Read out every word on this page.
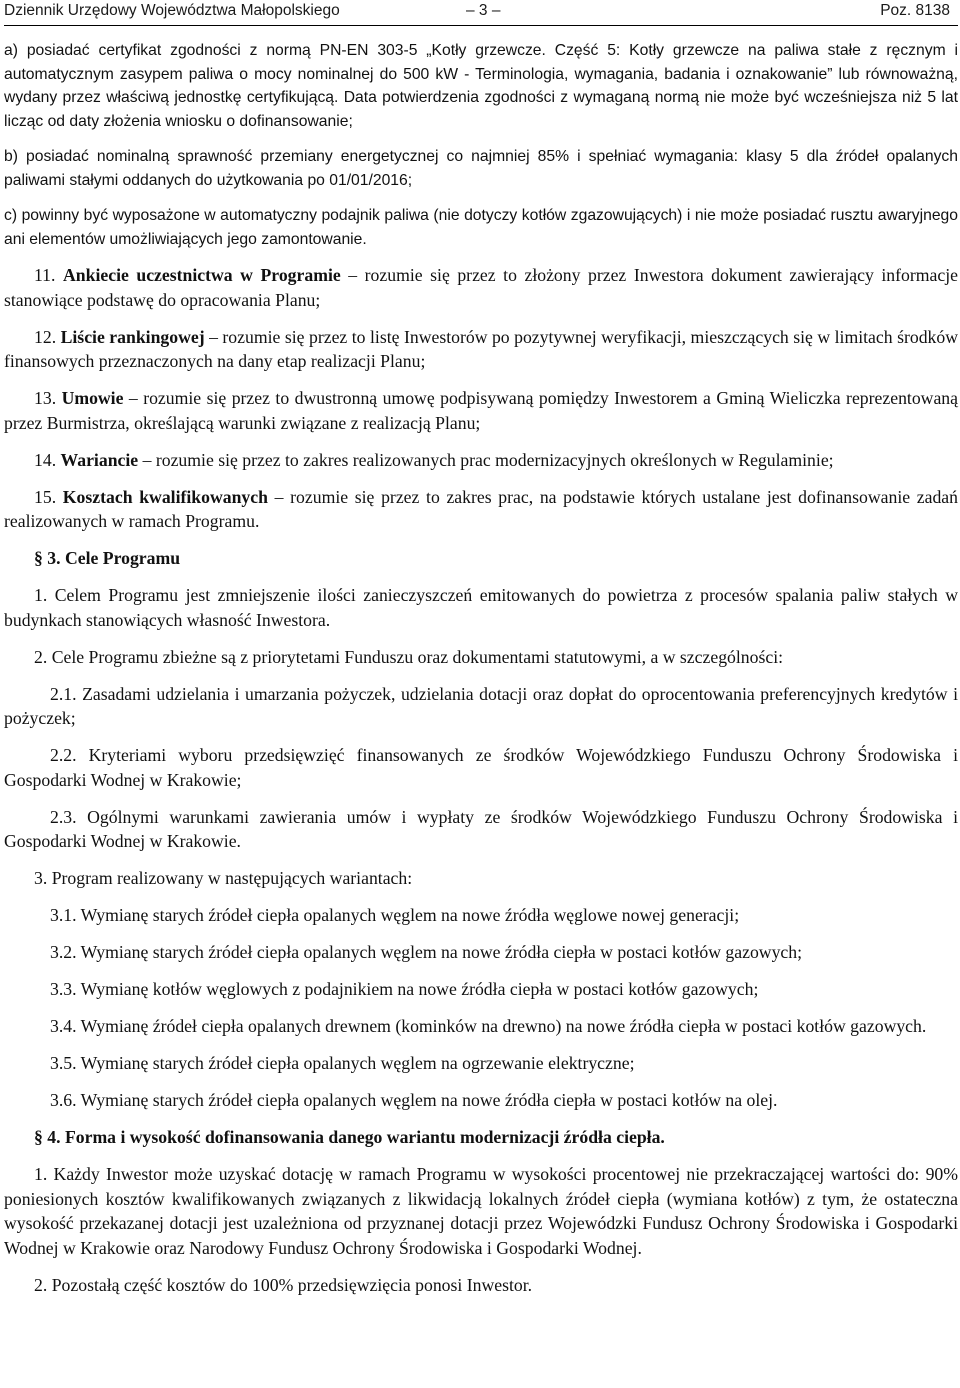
Dziennik Urzędowy Województwa Małopolskiego	– 3 –	Poz. 8138

a) posiadać certyfikat zgodności z normą PN-EN 303-5 „Kotły grzewcze. Część 5: Kotły grzewcze na paliwa stałe z ręcznym i automatycznym zasypem paliwa o mocy nominalnej do 500 kW - Terminologia, wymagania, badania i oznakowanie” lub równoważną, wydany przez właściwą jednostkę certyfikującą. Data potwierdzenia zgodności z wymaganą normą nie może być wcześniejsza niż 5 lat licząc od daty złożenia wniosku o dofinansowanie;

b) posiadać nominalną sprawność przemiany energetycznej co najmniej 85% i spełniać wymagania: klasy 5 dla źródeł opalanych paliwami stałymi oddanych do użytkowania po 01/01/2016;

c) powinny być wyposażone w automatyczny podajnik paliwa (nie dotyczy kotłów zgazowujących) i nie może posiadać rusztu awaryjnego ani elementów umożliwiających jego zamontowanie.

11. Ankiecie uczestnictwa w Programie – rozumie się przez to złożony przez Inwestora dokument zawierający informacje stanowiące podstawę do opracowania Planu;

12. Liście rankingowej – rozumie się przez to listę Inwestorów po pozytywnej weryfikacji, mieszczących się w limitach środków finansowych przeznaczonych na dany etap realizacji Planu;

13. Umowie – rozumie się przez to dwustronną umowę podpisywaną pomiędzy Inwestorem a Gminą Wieliczka reprezentowaną przez Burmistrza, określającą warunki związane z realizacją Planu;

14. Wariancie – rozumie się przez to zakres realizowanych prac modernizacyjnych określonych w Regulaminie;

15. Kosztach kwalifikowanych – rozumie się przez to zakres prac, na podstawie których ustalane jest dofinansowanie zadań realizowanych w ramach Programu.

§ 3. Cele Programu

1. Celem Programu jest zmniejszenie ilości zanieczyszczeń emitowanych do powietrza z procesów spalania paliw stałych w budynkach stanowiących własność Inwestora.

2. Cele Programu zbieżne są z priorytetami Funduszu oraz dokumentami statutowymi, a w szczególności:

2.1. Zasadami udzielania i umarzania pożyczek, udzielania dotacji oraz dopłat do oprocentowania preferencyjnych kredytów i pożyczek;

2.2. Kryteriami wyboru przedsięwzięć finansowanych ze środków Wojewódzkiego Funduszu Ochrony Środowiska i Gospodarki Wodnej w Krakowie;

2.3. Ogólnymi warunkami zawierania umów i wypłaty ze środków Wojewódzkiego Funduszu Ochrony Środowiska i Gospodarki Wodnej w Krakowie.

3. Program realizowany w następujących wariantach:

3.1. Wymianę starych źródeł ciepła opalanych węglem na nowe źródła węglowe nowej generacji;

3.2. Wymianę starych źródeł ciepła opalanych węglem na nowe źródła ciepła w postaci kotłów gazowych;

3.3. Wymianę kotłów węglowych z podajnikiem na nowe źródła ciepła w postaci kotłów gazowych;

3.4. Wymianę źródeł ciepła opalanych drewnem (kominków na drewno) na nowe źródła ciepła w postaci kotłów gazowych.

3.5. Wymianę starych źródeł ciepła opalanych węglem na ogrzewanie elektryczne;

3.6. Wymianę starych źródeł ciepła opalanych węglem na nowe źródła ciepła w postaci kotłów na olej.

§ 4. Forma i wysokość dofinansowania danego wariantu modernizacji źródła ciepła.

1. Każdy Inwestor może uzyskać dotację w ramach Programu w wysokości procentowej nie przekraczającej wartości do: 90% poniesionych kosztów kwalifikowanych związanych z likwidacją lokalnych źródeł ciepła (wymiana kotłów) z tym, że ostateczna wysokość przekazanej dotacji jest uzależniona od przyznanej dotacji przez Wojewódzki Fundusz Ochrony Środowiska i Gospodarki Wodnej w Krakowie oraz Narodowy Fundusz Ochrony Środowiska i Gospodarki Wodnej.

2. Pozostałą część kosztów do 100% przedsięwzięcia ponosi Inwestor.
